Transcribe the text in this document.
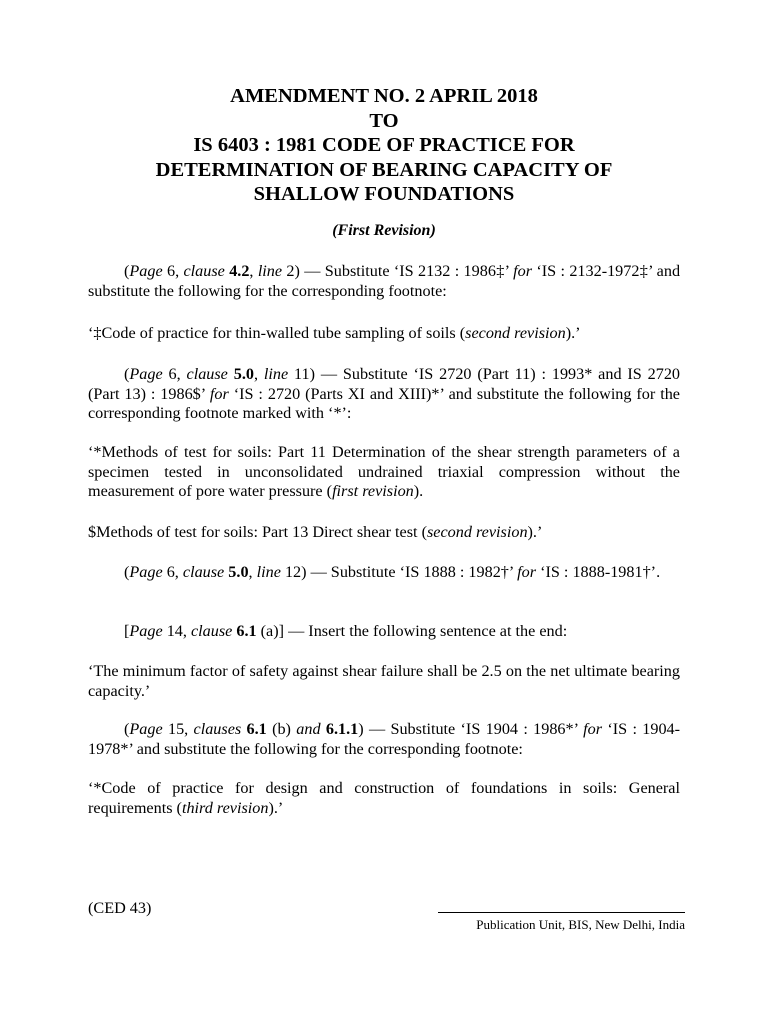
AMENDMENT NO. 2 APRIL 2018
TO
IS 6403 : 1981 CODE OF PRACTICE FOR
DETERMINATION OF BEARING CAPACITY OF
SHALLOW FOUNDATIONS
(First Revision)
(Page 6, clause 4.2, line 2) — Substitute ‘IS 2132 : 1986‡’ for ‘IS : 2132-1972‡’ and substitute the following for the corresponding footnote:
‘‡Code of practice for thin-walled tube sampling of soils (second revision).’
(Page 6, clause 5.0, line 11) — Substitute ‘IS 2720 (Part 11) : 1993* and IS 2720 (Part 13) : 1986$’ for ‘IS : 2720 (Parts XI and XIII)*’ and substitute the following for the corresponding footnote marked with ‘*’:
‘*Methods of test for soils: Part 11 Determination of the shear strength parameters of a specimen tested in unconsolidated undrained triaxial compression without the measurement of pore water pressure (first revision).
$Methods of test for soils: Part 13 Direct shear test (second revision).’
(Page 6, clause 5.0, line 12) — Substitute ‘IS 1888 : 1982†’ for ‘IS : 1888-1981†’.
[Page 14, clause 6.1 (a)] — Insert the following sentence at the end:
‘The minimum factor of safety against shear failure shall be 2.5 on the net ultimate bearing capacity.’
(Page 15, clauses 6.1 (b) and 6.1.1) — Substitute ‘IS 1904 : 1986*’ for ‘IS : 1904-1978*’ and substitute the following for the corresponding footnote:
‘*Code of practice for design and construction of foundations in soils: General requirements (third revision).’
(CED 43)
Publication Unit, BIS, New Delhi, India
